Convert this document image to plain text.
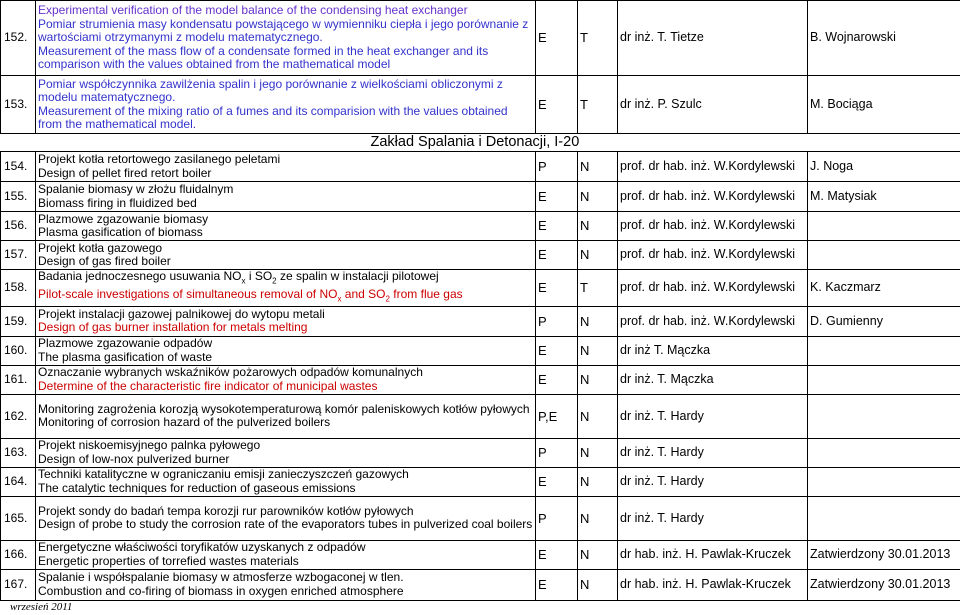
152.	Experimental verification of the model balance of the condensing heat exchanger
Pomiar strumienia masy kondensatu powstającego w wymienniku ciepła i jego porównanie z wartościami otrzymanymi z modelu matematycznego.
Measurement of the mass flow of a condensate formed in the heat exchanger and its comparison with the values obtained from the mathematical model	E	T	dr inż. T. Tietze	B. Wojnarowski
153.	Pomiar współczynnika zawilżenia spalin i jego porównanie z wielkościami obliczonymi z modelu matematycznego.
Measurement of the mixing ratio of a fumes and its comparision with the values obtained from the mathematical model.	E	T	dr inż. P. Szulc	M. Bociąga
	Zakład Spalania i Detonacji, I-20				
154.	Projekt kotła retortowego zasilanego peletami
Design of pellet fired retort boiler	P	N	prof. dr hab. inż. W.Kordylewski	J. Noga
155.	Spalanie biomasy w złożu fluidalnym
Biomass firing in fluidized bed	E	N	prof. dr hab. inż. W.Kordylewski	M. Matysiak
156.	Plazmowe zgazowanie biomasy
Plasma gasification of biomass	E	N	prof. dr hab. inż. W.Kordylewski	
157.	Projekt kotła gazowego
Design of gas fired boiler	E	N	prof. dr hab. inż. W.Kordylewski	
158.	Badania jednoczesnego usuwania $NO_x$ i $SO_2$ ze spalin w instalacji pilotowej
Pilot-scale investigations of simultaneous removal of $NO_x$ and $SO_2$ from flue gas	E	T	prof. dr hab. inż. W.Kordylewski	K. Kaczmarz
159.	Projekt instalacji gazowej palnikowej do wytopu metali
Design of gas burner installation for metals melting	P	N	prof. dr hab. inż. W.Kordylewski	D. Gumienny
160.	Plazmowe zgazowanie odpadów
The plasma gasification of waste	E	N	dr inż T. Mączka	
161.	Oznaczanie wybranych wskaźników pożarowych odpadów komunalnych
Determine of the characteristic fire indicator of municipal wastes	E	N	dr inż. T. Mączka	
162.	Monitoring zagrożenia korozją wysokotemperaturową komór paleniskowych kotłów pyłowych
Monitoring of corrosion hazard of the pulverized boilers	P,E	N	dr inż. T. Hardy	
163.	Projekt niskoemisyjnego palnka pyłowego
Design of low-nox pulverized burner	P	N	dr inż. T. Hardy	
164.	Techniki katalityczne w ograniczaniu emisji zanieczyszczeń gazowych
The catalytic techniques for reduction of gaseous emissions	E	N	dr inż. T. Hardy	
165.	Projekt sondy do badań tempa korozji rur parowników kotłów pyłowych
Design of probe to study the corrosion rate of the evaporators tubes in pulverized coal boilers	P	N	dr inż. T. Hardy	
166.	Energetyczne właściwości toryfikatów uzyskanych z odpadów
Energetic properties of torrefied wastes materials	E	N	dr hab. inż. H. Pawlak-Kruczek	Zatwierdzony 30.01.2013
167.	Spalanie i współspalanie biomasy w atmosferze wzbogaconej w tlen.
Combustion and co-firing of biomass in oxygen enriched atmosphere	E	N	dr hab. inż. H. Pawlak-Kruczek	Zatwierdzony 30.01.2013
wrzesień 2011
